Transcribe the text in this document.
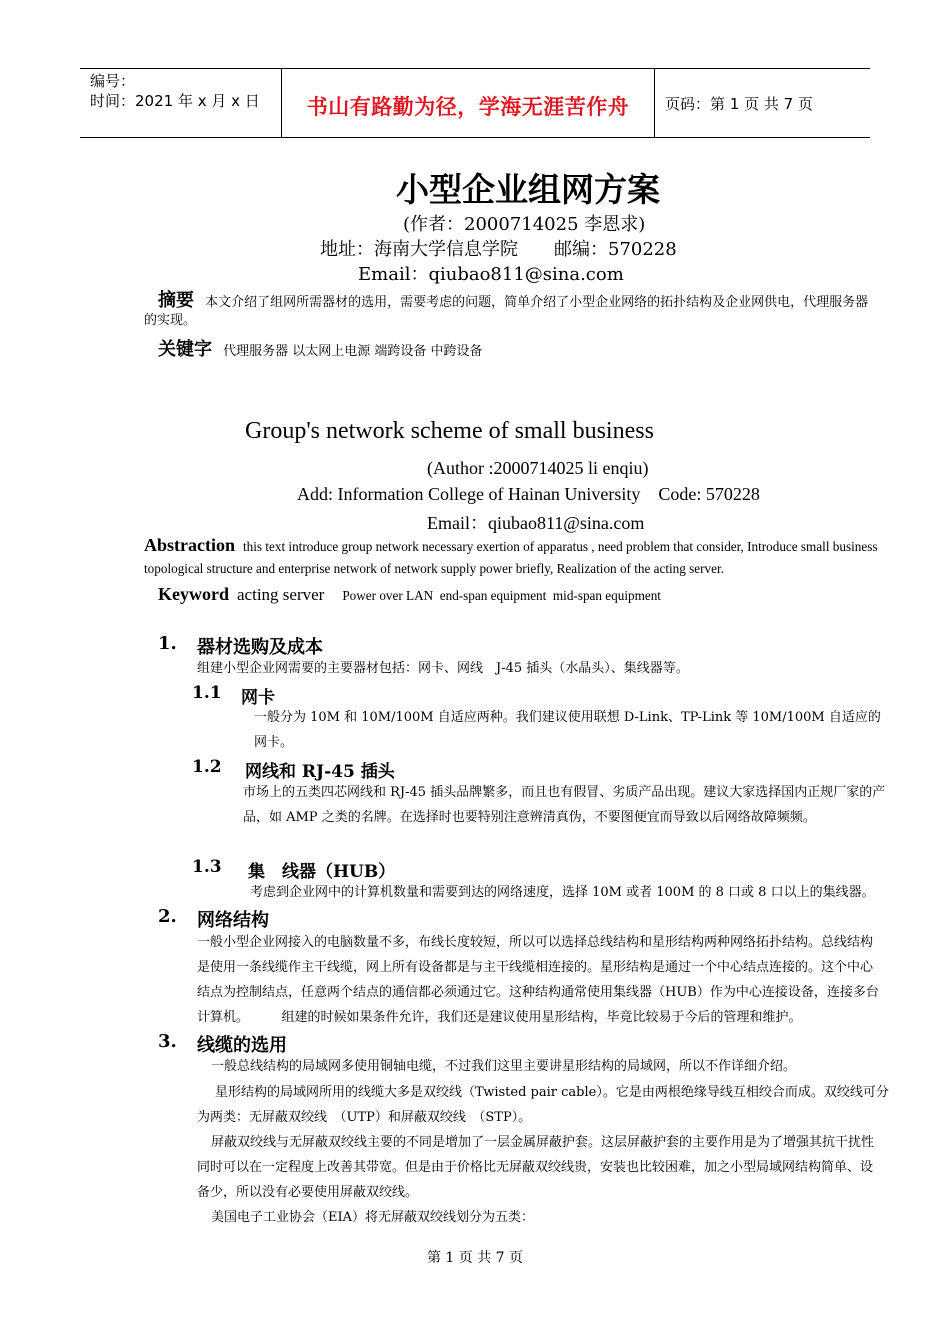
编号：
时间：2021 年 x 月 x 日	书山有路勤为径，学海无涯苦作舟	页码：第 1 页 共 7 页
小型企业组网方案
(作者：2000714025 李恩求)
地址：海南大学信息学院　　邮编：570228
Email：qiubao811@sina.com
摘要 本文介绍了组网所需器材的选用，需要考虑的问题，简单介绍了小型企业网络的拓扑结构及企业网供电，代理服务器
的实现。
关键字 代理服务器 以太网上电源 端跨设备 中跨设备
Group's network scheme of small business
(Author :2000714025 li enqiu)
Add: Information College of Hainan University    Code: 570228
Email：qiubao811@sina.com
Abstraction this text introduce group network necessary exertion of apparatus , need problem that consider, Introduce small business
topological structure and enterprise network of network supply power briefly, Realization of the acting server.
Keyword acting server Power over LAN  end-span equipment  mid-span equipment
1. 器材选购及成本
组建小型企业网需要的主要器材包括：网卡、网线　J-45 插头（水晶头）、集线器等。
1.1 网卡
一般分为 10M 和 10M/100M 自适应两种。我们建议使用联想 D-Link、TP-Link 等 10M/100M 自适应的
网卡。
1.2 网线和 RJ-45 插头
市场上的五类四芯网线和 RJ-45 插头品牌繁多，而且也有假冒、劣质产品出现。建议大家选择国内正规厂家的产
品，如 AMP 之类的名牌。在选择时也要特别注意辨清真伪，不要图便宜而导致以后网络故障频频。
1.3 集　线器（HUB）
考虑到企业网中的计算机数量和需要到达的网络速度，选择 10M 或者 100M 的 8 口或 8 口以上的集线器。
2. 网络结构
一般小型企业网接入的电脑数量不多，布线长度较短，所以可以选择总线结构和星形结构两种网络拓扑结构。总线结构
是使用一条线缆作主干线缆，网上所有设备都是与主干线缆相连接的。星形结构是通过一个中心结点连接的。这个中心
结点为控制结点，任意两个结点的通信都必须通过它。这种结构通常使用集线器（HUB）作为中心连接设备，连接多台
计算机。　　　组建的时候如果条件允许，我们还是建议使用星形结构，毕竟比较易于今后的管理和维护。
3. 线缆的选用
一般总线结构的局域网多使用铜轴电缆，不过我们这里主要讲星形结构的局域网，所以不作详细介绍。
星形结构的局域网所用的线缆大多是双绞线（Twisted pair cable）。它是由两根绝缘导线互相绞合而成。双绞线可分
为两类：无屏蔽双绞线　（UTP）和屏蔽双绞线　（STP）。
屏蔽双绞线与无屏蔽双绞线主要的不同是增加了一层金属屏蔽护套。这层屏蔽护套的主要作用是为了增强其抗干扰性
同时可以在一定程度上改善其带宽。但是由于价格比无屏蔽双绞线贵，安装也比较困难，加之小型局域网结构简单、设
备少，所以没有必要使用屏蔽双绞线。
美国电子工业协会（EIA）将无屏蔽双绞线划分为五类：
第 1 页 共 7 页
